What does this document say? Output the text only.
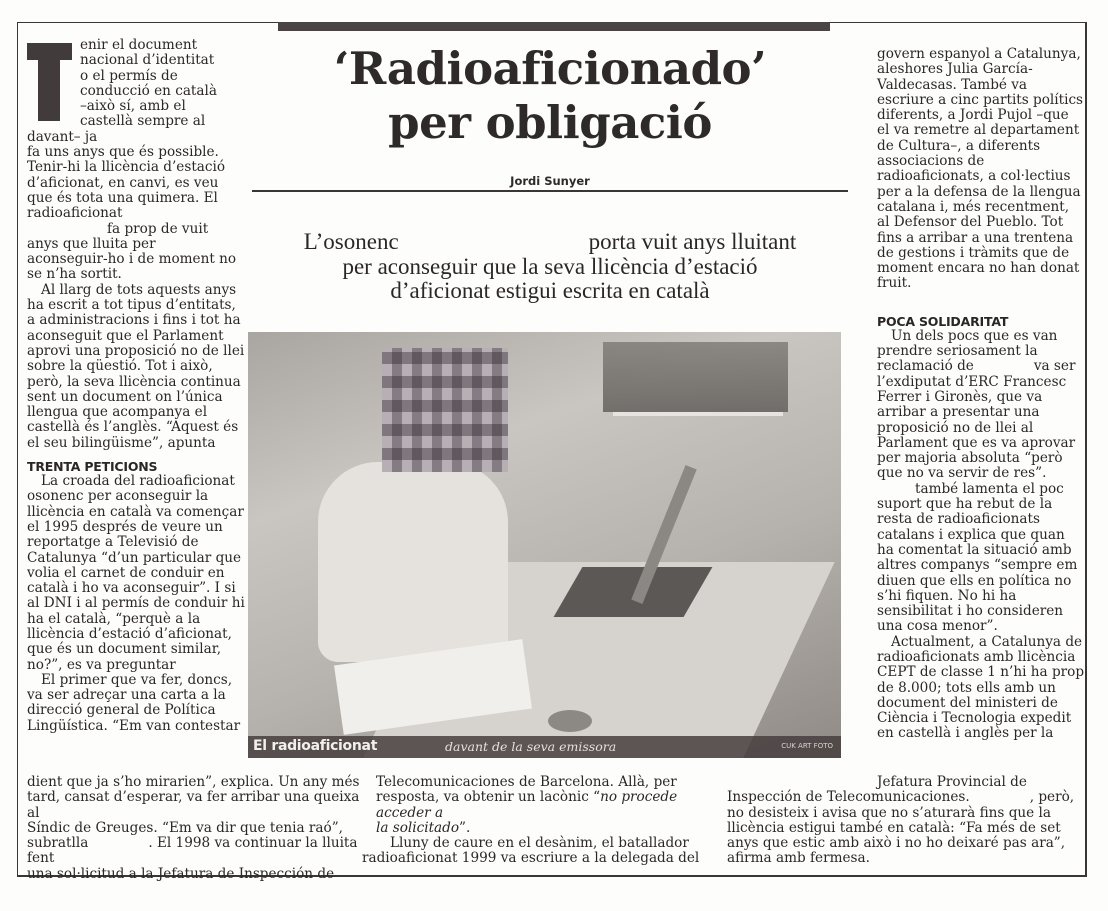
‘Radioaficionado’
per obligació
Jordi Sunyer
L’osonenc	porta vuit anys lluitant
per aconseguir que la seva llicència d’estació
d’aficionat estigui escrita en català

enir el document
nacional d’identitat
o el permís de
conducció en català
–això sí, amb el
castellà sempre al davant– ja
fa uns anys que és possible.
Tenir-hi la llicència d’estació
d’aficionat, en canvi, es veu
que és tota una quimera. El
radioaficionat
fa prop de vuit
anys que lluita per
aconseguir-ho i de moment no
se n’ha sortit.

Al llarg de tots aquests anys ha escrit a tot tipus d’entitats, a administracions i fins i tot ha aconseguit que el Parlament aprovi una proposició no de llei sobre la qüestió. Tot i això, però, la seva llicència continua sent un document on l’única llengua que acompanya el castellà és l’anglès. “Aquest és el seu bilingüisme”, apunta

TRENTA PETICIONS

La croada del radioaficionat osonenc per aconseguir la llicència en català va començar el 1995 després de veure un reportatge a Televisió de Catalunya “d’un particular que volia el carnet de conduir en català i ho va aconseguir”. I si al DNI i al permís de conduir hi ha el català, “perquè a la llicència d’estació d’aficionat, que és un document similar, no?”, es va preguntar

El primer que va fer, doncs, va ser adreçar una carta a la direcció general de Política Lingüística. “Em van contestar

dient que ja s’ho mirarien”, explica. Un any més
tard, cansat d’esperar, va fer arribar una queixa al
Síndic de Greuges. “Em va dir que tenia raó”,
subratlla	. El 1998 va continuar la lluita fent
una sol·licitud a la Jefatura de Inspección de

El radioaficionat	davant de la seva emissora	CUK ART FOTO

Telecomunicaciones de Barcelona. Allà, per
resposta, va obtenir un lacònic “no procede acceder a
la solicitado”.

Lluny de caure en el desànim, el batallador
radioaficionat 1999 va escriure a la delegada del

govern espanyol a Catalunya, aleshores Julia García-Valdecasas. També va escriure a cinc partits polítics diferents, a Jordi Pujol –que el va remetre al departament de Cultura–, a diferents associacions de radioaficionats, a col·lectius per a la defensa de la llengua catalana i, més recentment, al Defensor del Pueblo. Tot fins a arribar a una trentena de gestions i tràmits que de moment encara no han donat fruit.

POCA SOLIDARITAT

Un dels pocs que es van prendre seriosament la reclamació de	va ser l’exdiputat d’ERC Francesc Ferrer i Gironès, que va arribar a presentar una proposició no de llei al Parlament que es va aprovar per majoria absoluta “però que no va servir de res”.
també lamenta el poc suport que ha rebut de la resta de radioaficionats catalans i explica que quan ha comentat la situació amb altres companys “sempre em diuen que ells en política no s’hi fiquen. No hi ha sensibilitat i ho consideren una cosa menor”.

Actualment, a Catalunya de radioaficionats amb llicència CEPT de classe 1 n’hi ha prop de 8.000; tots ells amb un document del ministeri de Ciència i Tecnologia expedit en castellà i anglès per la

Jefatura Provincial de
Inspección de Telecomunicaciones.	, però,
no desisteix i avisa que no s’aturarà fins que la
llicència estigui també en català: “Fa més de set
anys que estic amb això i no ho deixaré pas ara”,
afirma amb fermesa.
